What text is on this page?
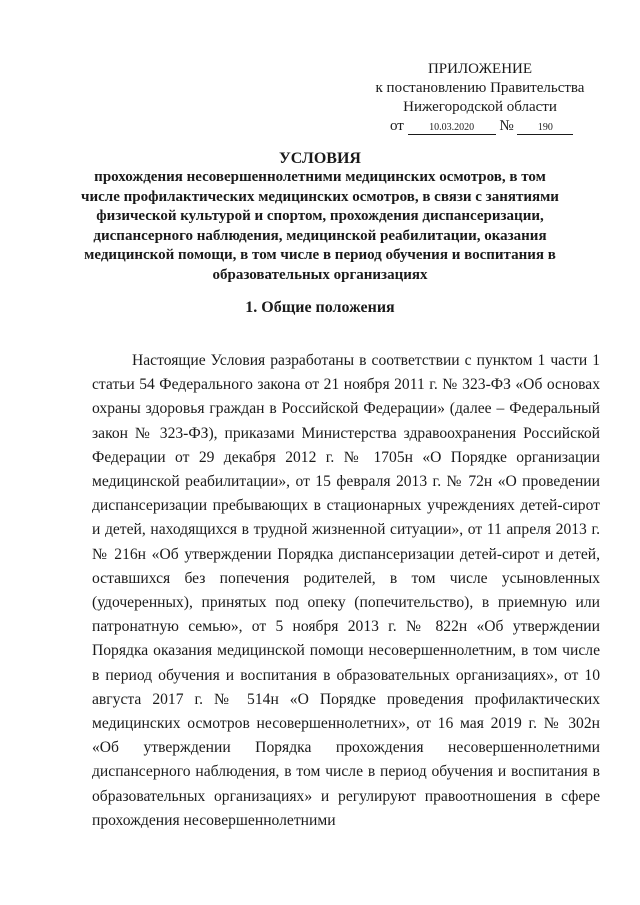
ПРИЛОЖЕНИЕ
к постановлению Правительства
Нижегородской области
от	10.03.2020 № 190
УСЛОВИЯ

прохождения несовершеннолетними медицинских осмотров, в том числе профилактических медицинских осмотров, в связи с занятиями физической культурой и спортом, прохождения диспансеризации, диспансерного наблюдения, медицинской реабилитации, оказания медицинской помощи, в том числе в период обучения и воспитания в образовательных организациях

1. Общие положения

Настоящие Условия разработаны в соответствии с пунктом 1 части 1 статьи 54 Федерального закона от 21 ноября 2011 г. № 323-ФЗ «Об основах охраны здоровья граждан в Российской Федерации» (далее – Федеральный закон № 323-ФЗ), приказами Министерства здравоохранения Российской Федерации от 29 декабря 2012 г. № 1705н «О Порядке организации медицинской реабилитации», от 15 февраля 2013 г. № 72н «О проведении диспансеризации пребывающих в стационарных учреждениях детей-сирот и детей, находящихся в трудной жизненной ситуации», от 11 апреля 2013 г. № 216н «Об утверждении Порядка диспансеризации детей-сирот и детей, оставшихся без попечения родителей, в том числе усыновленных (удочеренных), принятых под опеку (попечительство), в приемную или патронатную семью», от 5 ноября 2013 г. № 822н «Об утверждении Порядка оказания медицинской помощи несовершеннолетним, в том числе в период обучения и воспитания в образовательных организациях», от 10 августа 2017 г. № 514н «О Порядке проведения профилактических медицинских осмотров несовершеннолетних», от 16 мая 2019 г. № 302н «Об утверждении Порядка прохождения несовершеннолетними диспансерного наблюдения, в том числе в период обучения и воспитания в образовательных организациях» и регулируют правоотношения в сфере прохождения несовершеннолетними
